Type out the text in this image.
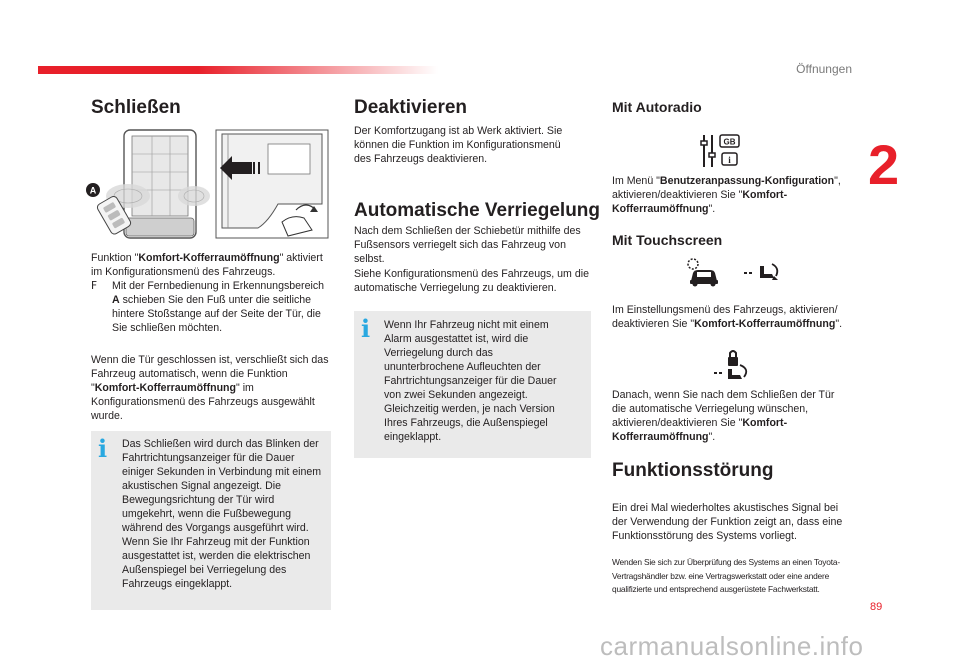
Öffnungen
2
89
Schließen
A

Funktion "Komfort-Kofferraumöffnung" aktiviert im Konfigurationsmenü des Fahrzeugs.

F Mit der Fernbedienung in Erkennungsbereich A schieben Sie den Fuß unter die seitliche hintere Stoßstange auf der Seite der Tür, die Sie schließen möchten.

Wenn die Tür geschlossen ist, verschließt sich das Fahrzeug automatisch, wenn die Funktion "Komfort-Kofferraumöffnung" im Konfigurationsmenü des Fahrzeugs ausgewählt wurde.

i Das Schließen wird durch das Blinken der Fahrtrichtungsanzeiger für die Dauer einiger Sekunden in Verbindung mit einem akustischen Signal angezeigt. Die Bewegungsrichtung der Tür wird umgekehrt, wenn die Fußbewegung während des Vorgangs ausgeführt wird. Wenn Sie Ihr Fahrzeug mit der Funktion ausgestattet ist, werden die elektrischen Außenspiegel bei Verriegelung des Fahrzeugs eingeklappt.
Deaktivieren

Der Komfortzugang ist ab Werk aktiviert. Sie können die Funktion im Konfigurationsmenü des Fahrzeugs deaktivieren.

Automatische Verriegelung

Nach dem Schließen der Schiebetür mithilfe des Fußsensors verriegelt sich das Fahrzeug von selbst.

Siehe Konfigurationsmenü des Fahrzeugs, um die automatische Verriegelung zu deaktivieren.

i Wenn Ihr Fahrzeug nicht mit einem Alarm ausgestattet ist, wird die Verriegelung durch das ununterbrochene Aufleuchten der Fahrtrichtungsanzeiger für die Dauer von zwei Sekunden angezeigt. Gleichzeitig werden, je nach Version Ihres Fahrzeugs, die Außenspiegel eingeklappt.
Mit Autoradio
GB
i

Im Menü "Benutzeranpassung-Konfiguration", aktivieren/deaktivieren Sie "Komfort-Kofferraumöffnung".

Mit Touchscreen

Im Einstellungsmenü des Fahrzeugs, aktivieren/ deaktivieren Sie "Komfort-Kofferraumöffnung".

Danach, wenn Sie nach dem Schließen der Tür die automatische Verriegelung wünschen, aktivieren/deaktivieren Sie "Komfort-Kofferraumöffnung".

Funktionsstörung

Ein drei Mal wiederholtes akustisches Signal bei der Verwendung der Funktion zeigt an, dass eine Funktionsstörung des Systems vorliegt.

Wenden Sie sich zur Überprüfung des Systems an einen Toyota-Vertragshändler bzw. eine Vertragswerkstatt oder eine andere qualifizierte und entsprechend ausgerüstete Fachwerkstatt.
carmanualsonline.info
